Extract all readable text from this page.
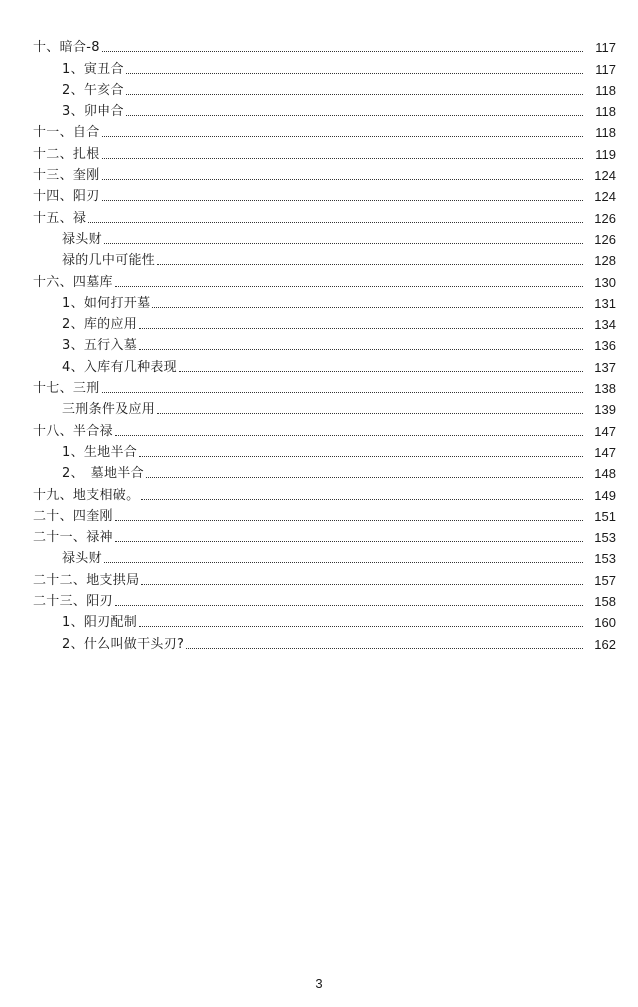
十、暗合-8	117
1、寅丑合	117
2、午亥合	118
3、卯申合	118
十一、自合	118
十二、扎根	119
十三、奎刚	124
十四、阳刃	124
十五、禄	126
禄头财	126
禄的几中可能性	128
十六、四墓库	130
1、如何打开墓	131
2、库的应用	134
3、五行入墓	136
4、入库有几种表现	137
十七、三刑	138
三刑条件及应用	139
十八、半合禄	147
1、生地半合	147
2、　墓地半合	148
十九、地支相破。	149
二十、四奎刚	151
二十一、禄神	153
禄头财	153
二十二、地支拱局	157
二十三、阳刃	158
1、阳刃配制	160
2、什么叫做干头刃?	162
3
